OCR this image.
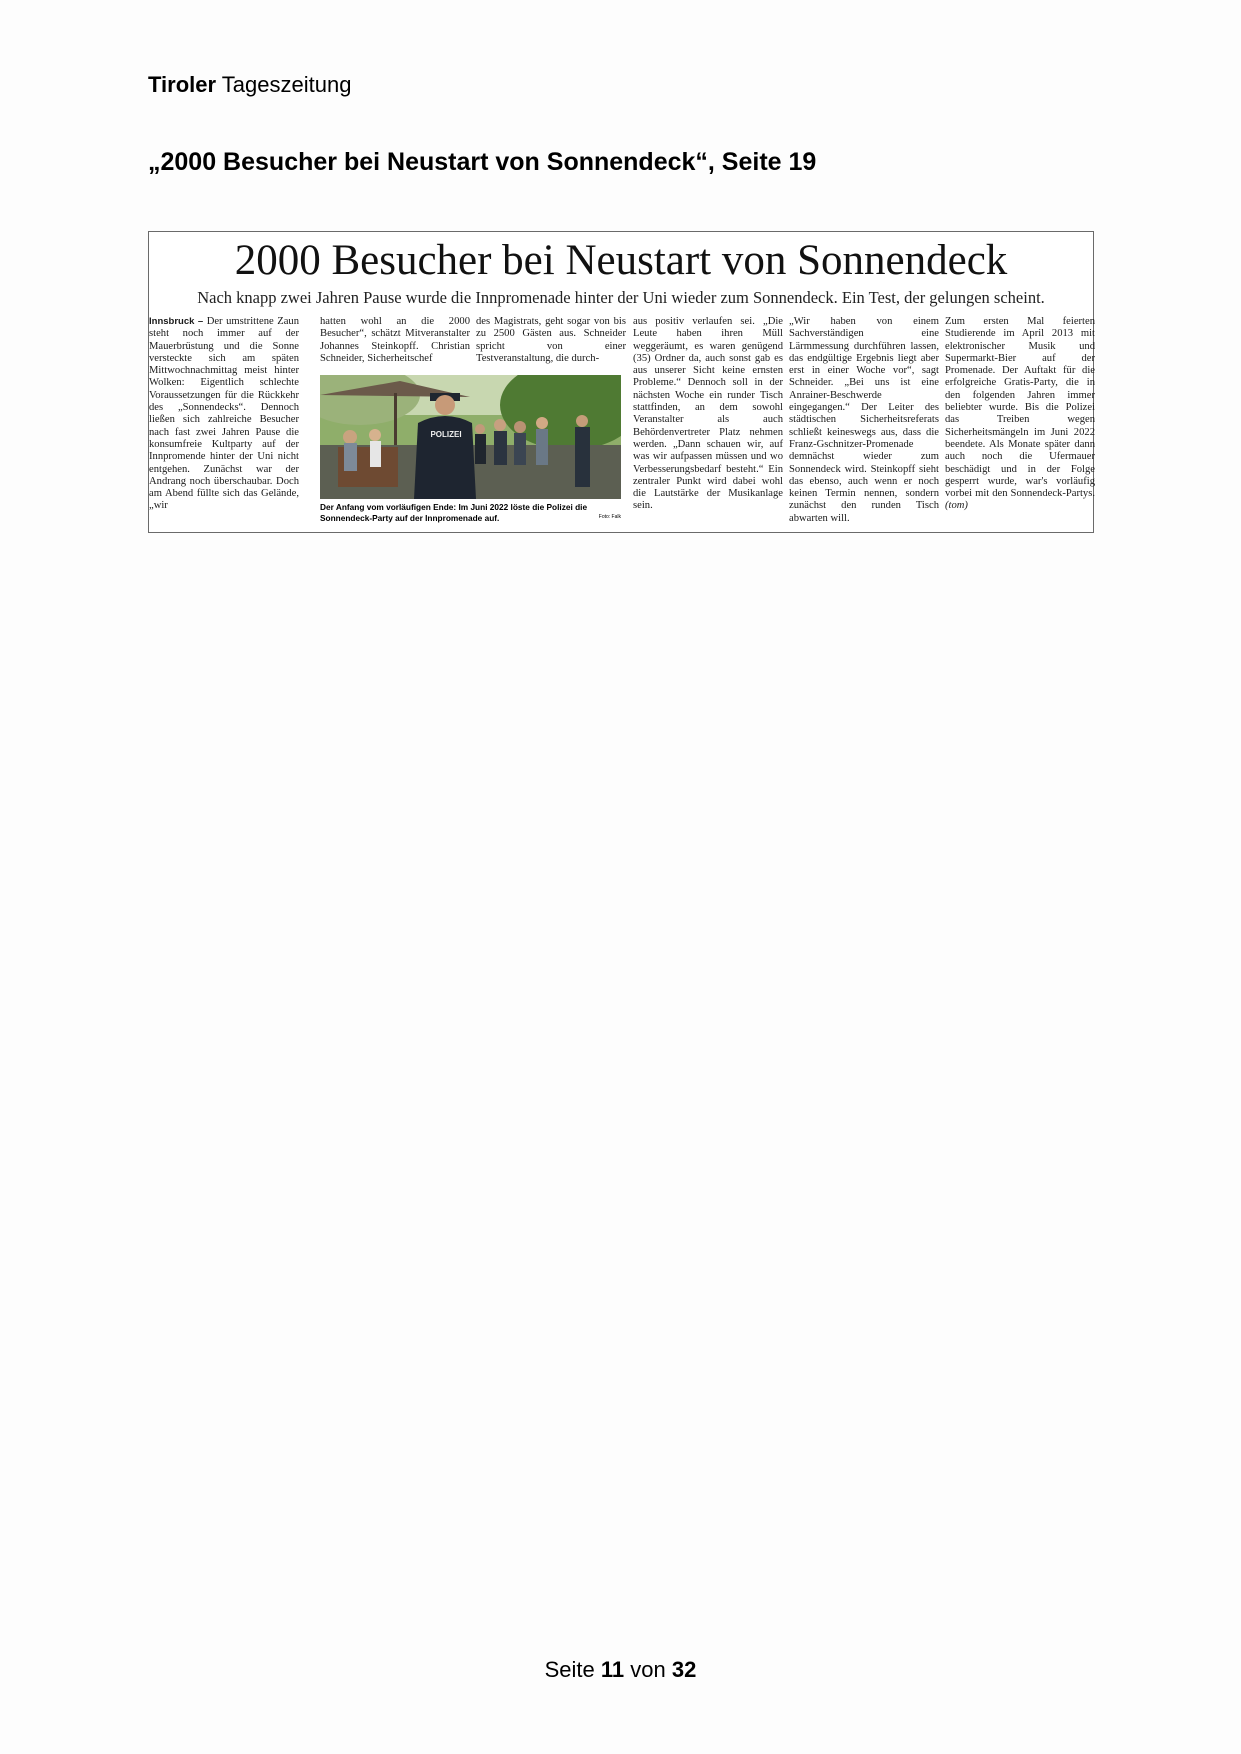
Tiroler Tageszeitung
„2000 Besucher bei Neustart von Sonnendeck“, Seite 19
2000 Besucher bei Neustart von Sonnendeck
Nach knapp zwei Jahren Pause wurde die Innpromenade hinter der Uni wieder zum Sonnendeck. Ein Test, der gelungen scheint.
Innsbruck – Der umstrittene Zaun steht noch immer auf der Mauerbrüstung und die Sonne versteckte sich am späten Mittwochnachmittag meist hinter Wolken: Eigentlich schlechte Voraussetzungen für die Rückkehr des „Sonnendecks“. Dennoch ließen sich zahlreiche Besucher nach fast zwei Jahren Pause die konsumfreie Kultparty auf der Innpromende hinter der Uni nicht entgehen. Zunächst war der Andrang noch überschaubar. Doch am Abend füllte sich das Gelände, „wir
hatten wohl an die 2000 Besucher“, schätzt Mitveranstalter Johannes Steinkopff. Christian Schneider, Sicherheitschef
des Magistrats, geht sogar von bis zu 2500 Gästen aus. Schneider spricht von einer Testveranstaltung, die durch-
aus positiv verlaufen sei. „Die Leute haben ihren Müll weggeräumt, es waren genügend (35) Ordner da, auch sonst gab es aus unserer Sicht keine ernsten Probleme.“ Dennoch soll in der nächsten Woche ein runder Tisch stattfinden, an dem sowohl Veranstalter als auch Behördenvertreter Platz nehmen werden. „Dann schauen wir, auf was wir aufpassen müssen und wo Verbesserungsbedarf besteht.“ Ein zentraler Punkt wird dabei wohl die Lautstärke der Musikanlage sein.
„Wir haben von einem Sachverständigen eine Lärmmessung durchführen lassen, das endgültige Ergebnis liegt aber erst in einer Woche vor“, sagt Schneider. „Bei uns ist eine Anrainer-Beschwerde eingegangen.“ Der Leiter des städtischen Sicherheitsreferats schließt keineswegs aus, dass die Franz-Gschnitzer-Promenade demnächst wieder zum Sonnendeck wird. Steinkopff sieht das ebenso, auch wenn er noch keinen Termin nennen, sondern zunächst den runden Tisch abwarten will.
Zum ersten Mal feierten Studierende im April 2013 mit elektronischer Musik und Supermarkt-Bier auf der Promenade. Der Auftakt für die erfolgreiche Gratis-Party, die in den folgenden Jahren immer beliebter wurde. Bis die Polizei das Treiben wegen Sicherheitsmängeln im Juni 2022 beendete. Als Monate später dann auch noch die Ufermauer beschädigt und in der Folge gesperrt wurde, war's vorläufig vorbei mit den Sonnendeck-Partys. (tom)
POLIZEI
Der Anfang vom vorläufigen Ende: Im Juni 2022 löste die Polizei die Sonnendeck-Party auf der Innpromenade auf.	Foto: Falk
Seite 11 von 32
